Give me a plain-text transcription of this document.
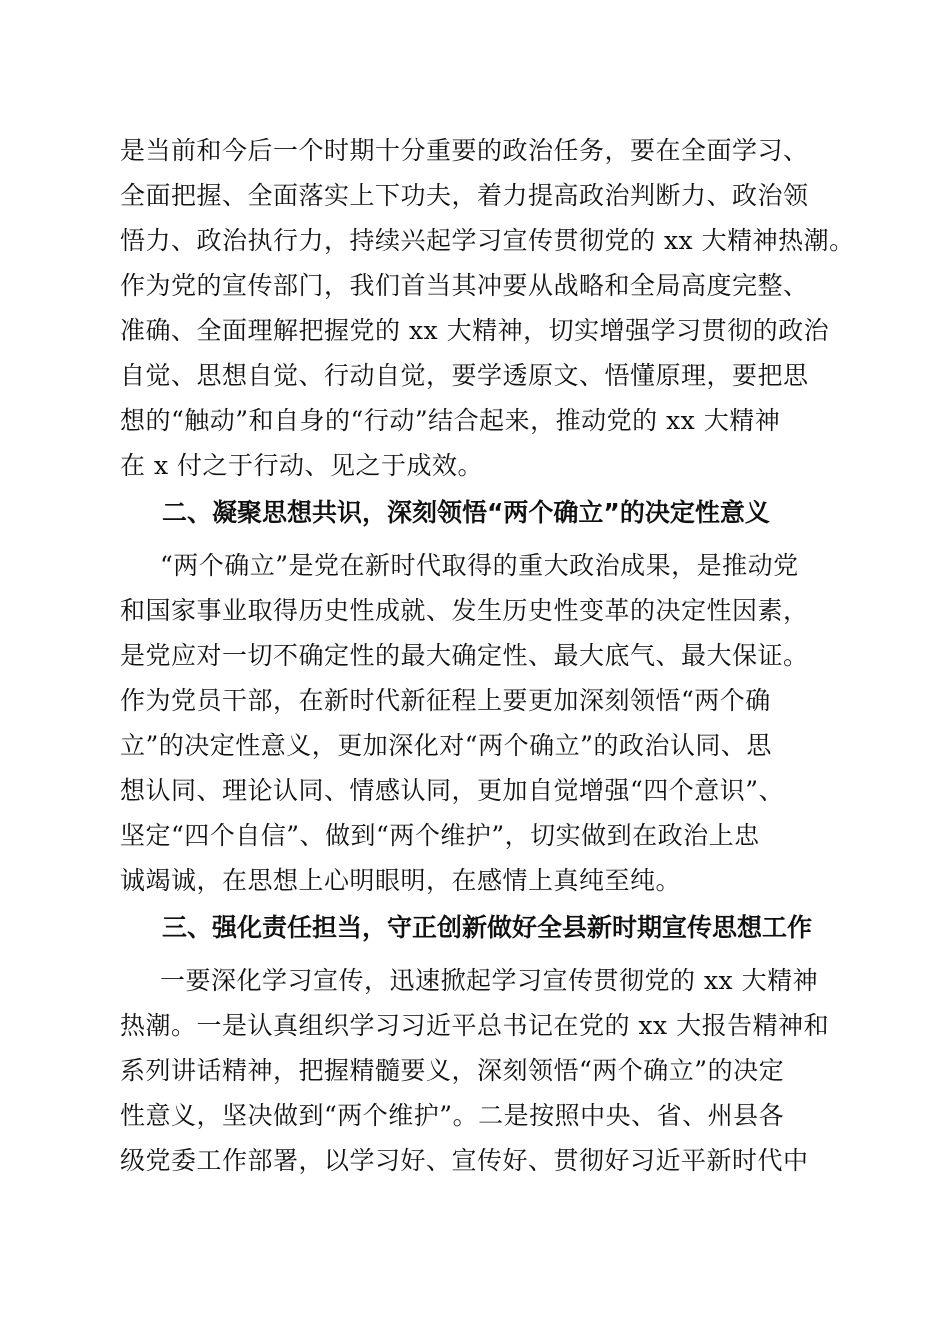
是当前和今后一个时期十分重要的政治任务，要在全面学习、
全面把握、全面落实上下功夫，着力提高政治判断力、政治领
悟力、政治执行力，持续兴起学习宣传贯彻党的 xx 大精神热潮。
作为党的宣传部门，我们首当其冲要从战略和全局高度完整、
准确、全面理解把握党的 xx 大精神，切实增强学习贯彻的政治
自觉、思想自觉、行动自觉，要学透原文、悟懂原理，要把思
想的“触动”和自身的“行动”结合起来，推动党的 xx 大精神
在 x 付之于行动、见之于成效。
二、凝聚思想共识，深刻领悟“两个确立”的决定性意义
“两个确立”是党在新时代取得的重大政治成果，是推动党
和国家事业取得历史性成就、发生历史性变革的决定性因素，
是党应对一切不确定性的最大确定性、最大底气、最大保证。
作为党员干部，在新时代新征程上要更加深刻领悟“两个确
立”的决定性意义，更加深化对“两个确立”的政治认同、思
想认同、理论认同、情感认同，更加自觉增强“四个意识”、
坚定“四个自信”、做到“两个维护”，切实做到在政治上忠
诚竭诚，在思想上心明眼明，在感情上真纯至纯。
三、强化责任担当，守正创新做好全县新时期宣传思想工作
一要深化学习宣传，迅速掀起学习宣传贯彻党的 xx 大精神
热潮。一是认真组织学习习近平总书记在党的 xx 大报告精神和
系列讲话精神，把握精髓要义，深刻领悟“两个确立”的决定
性意义，坚决做到“两个维护”。二是按照中央、省、州县各
级党委工作部署，以学习好、宣传好、贯彻好习近平新时代中
